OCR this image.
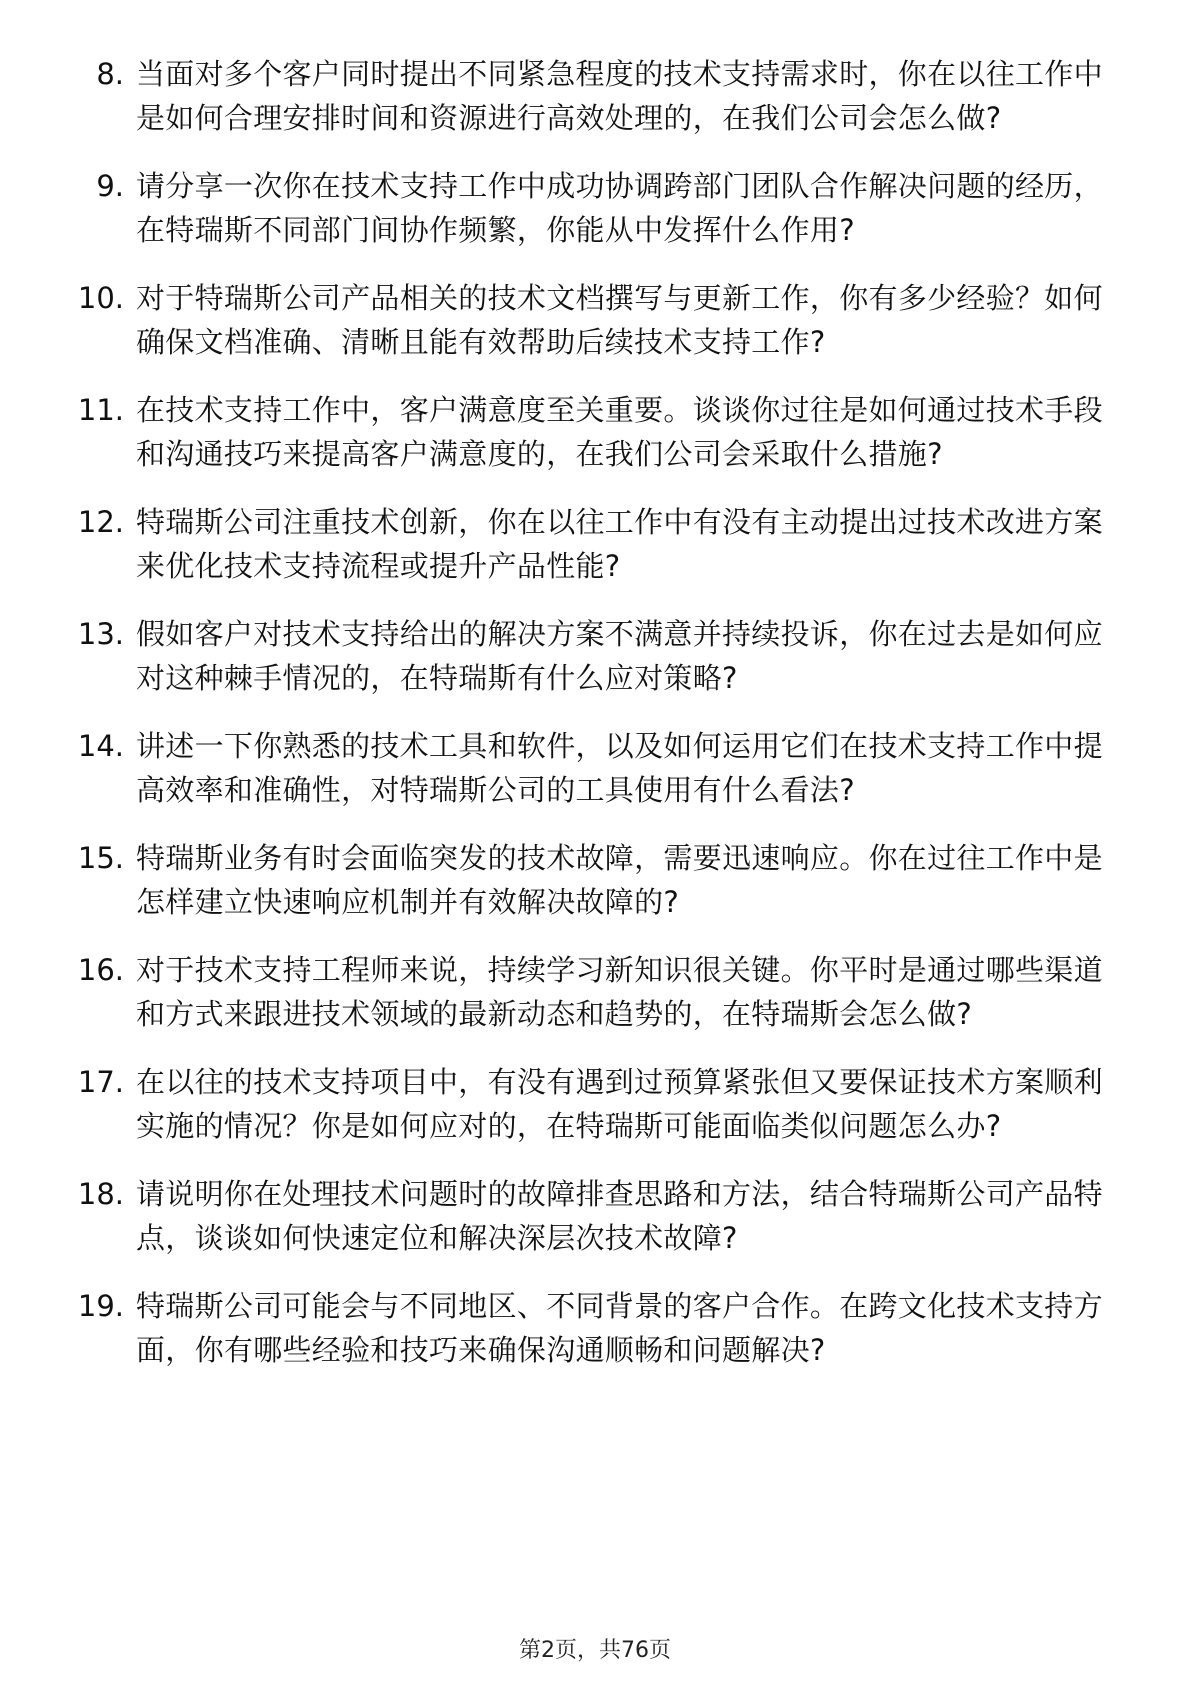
8. 当面对多个客户同时提出不同紧急程度的技术支持需求时，你在以往工作中是如何合理安排时间和资源进行高效处理的，在我们公司会怎么做?
9. 请分享一次你在技术支持工作中成功协调跨部门团队合作解决问题的经历，在特瑞斯不同部门间协作频繁，你能从中发挥什么作用?
10. 对于特瑞斯公司产品相关的技术文档撰写与更新工作，你有多少经验？如何确保文档准确、清晰且能有效帮助后续技术支持工作?
11. 在技术支持工作中，客户满意度至关重要。谈谈你过往是如何通过技术手段和沟通技巧来提高客户满意度的，在我们公司会采取什么措施?
12. 特瑞斯公司注重技术创新，你在以往工作中有没有主动提出过技术改进方案来优化技术支持流程或提升产品性能?
13. 假如客户对技术支持给出的解决方案不满意并持续投诉，你在过去是如何应对这种棘手情况的，在特瑞斯有什么应对策略?
14. 讲述一下你熟悉的技术工具和软件，以及如何运用它们在技术支持工作中提高效率和准确性，对特瑞斯公司的工具使用有什么看法?
15. 特瑞斯业务有时会面临突发的技术故障，需要迅速响应。你在过往工作中是怎样建立快速响应机制并有效解决故障的?
16. 对于技术支持工程师来说，持续学习新知识很关键。你平时是通过哪些渠道和方式来跟进技术领域的最新动态和趋势的，在特瑞斯会怎么做?
17. 在以往的技术支持项目中，有没有遇到过预算紧张但又要保证技术方案顺利实施的情况？你是如何应对的，在特瑞斯可能面临类似问题怎么办?
18. 请说明你在处理技术问题时的故障排查思路和方法，结合特瑞斯公司产品特点，谈谈如何快速定位和解决深层次技术故障?
19. 特瑞斯公司可能会与不同地区、不同背景的客户合作。在跨文化技术支持方面，你有哪些经验和技巧来确保沟通顺畅和问题解决?
第2页，共76页
